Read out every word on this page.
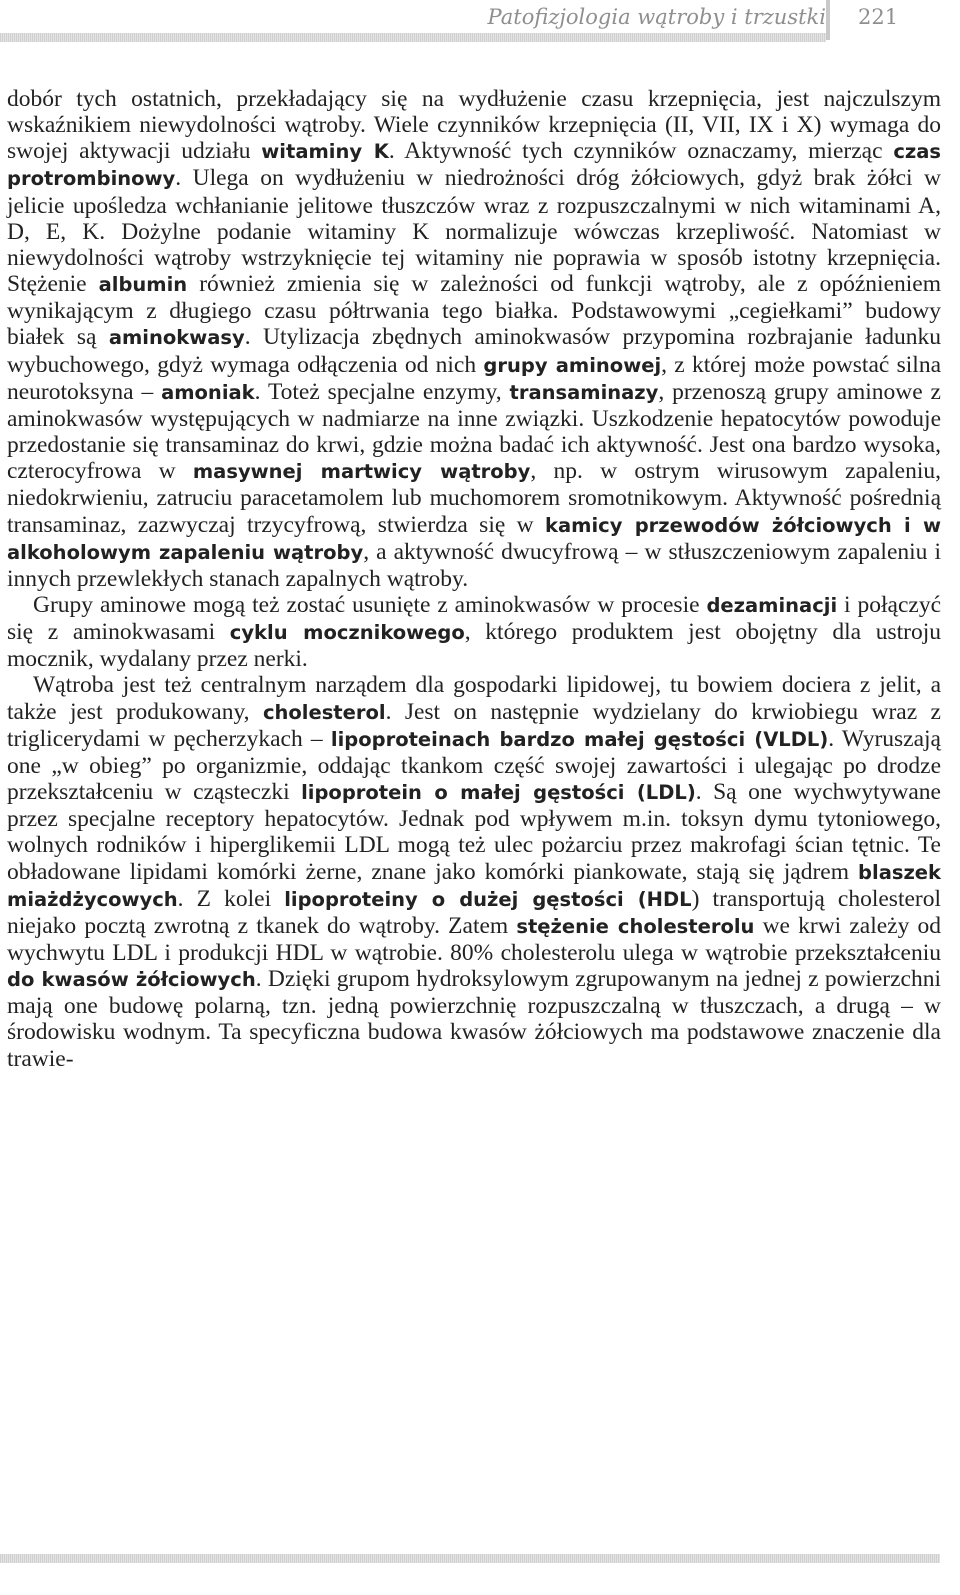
Patofizjologia wątroby i trzustki 221

dobór tych ostatnich, przekładający się na wydłużenie czasu krzepnięcia, jest najczulszym wskaźnikiem niewydolności wątroby. Wiele czynników krzepnięcia (II, VII, IX i X) wymaga do swojej aktywacji udziału witaminy K. Aktywność tych czynników oznaczamy, mierząc czas protrombinowy. Ulega on wydłużeniu w niedrożności dróg żółciowych, gdyż brak żółci w jelicie upośledza wchłanianie jelitowe tłuszczów wraz z rozpuszczalnymi w nich witaminami A, D, E, K. Dożylne podanie witaminy K normalizuje wówczas krzepliwość. Natomiast w niewydolności wątroby wstrzyknięcie tej witaminy nie poprawia w sposób istotny krzepnięcia. Stężenie albumin również zmienia się w zależności od funkcji wątroby, ale z opóźnieniem wynikającym z długiego czasu półtrwania tego białka. Podstawowymi „cegiełkami” budowy białek są aminokwasy. Utylizacja zbędnych aminokwasów przypomina rozbrajanie ładunku wybuchowego, gdyż wymaga odłączenia od nich grupy aminowej, z której może powstać silna neurotoksyna – amoniak. Toteż specjalne enzymy, transaminazy, przenoszą grupy aminowe z aminokwasów występujących w nadmiarze na inne związki. Uszkodzenie hepatocytów powoduje przedostanie się transaminaz do krwi, gdzie można badać ich aktywność. Jest ona bardzo wysoka, czterocyfrowa w masywnej martwicy wątroby, np. w ostrym wirusowym zapaleniu, niedokrwieniu, zatruciu paracetamolem lub muchomorem sromotnikowym. Aktywność pośrednią transaminaz, zazwyczaj trzycyfrową, stwierdza się w kamicy przewodów żółciowych i w alkoholowym zapaleniu wątroby, a aktywność dwucyfrową – w stłuszczeniowym zapaleniu i innych przewlekłych stanach zapalnych wątroby.

Grupy aminowe mogą też zostać usunięte z aminokwasów w procesie dezaminacji i połączyć się z aminokwasami cyklu mocznikowego, którego produktem jest obojętny dla ustroju mocznik, wydalany przez nerki.

Wątroba jest też centralnym narządem dla gospodarki lipidowej, tu bowiem dociera z jelit, a także jest produkowany, cholesterol. Jest on następnie wydzielany do krwiobiegu wraz z triglicerydami w pęcherzykach – lipoproteinach bardzo małej gęstości (VLDL). Wyruszają one „w obieg” po organizmie, oddając tkankom część swojej zawartości i ulegając po drodze przekształceniu w cząsteczki lipoprotein o małej gęstości (LDL). Są one wychwytywane przez specjalne receptory hepatocytów. Jednak pod wpływem m.in. toksyn dymu tytoniowego, wolnych rodników i hiperglikemii LDL mogą też ulec pożarciu przez makrofagi ścian tętnic. Te obładowane lipidami komórki żerne, znane jako komórki piankowate, stają się jądrem blaszek miażdżycowych. Z kolei lipoproteiny o dużej gęstości (HDL) transportują cholesterol niejako pocztą zwrotną z tkanek do wątroby. Zatem stężenie cholesterolu we krwi zależy od wychwytu LDL i produkcji HDL w wątrobie. 80% cholesterolu ulega w wątrobie przekształceniu do kwasów żółciowych. Dzięki grupom hydroksylowym zgrupowanym na jednej z powierzchni mają one budowę polarną, tzn. jedną powierzchnię rozpuszczalną w tłuszczach, a drugą – w środowisku wodnym. Ta specyficzna budowa kwasów żółciowych ma podstawowe znaczenie dla trawie-
